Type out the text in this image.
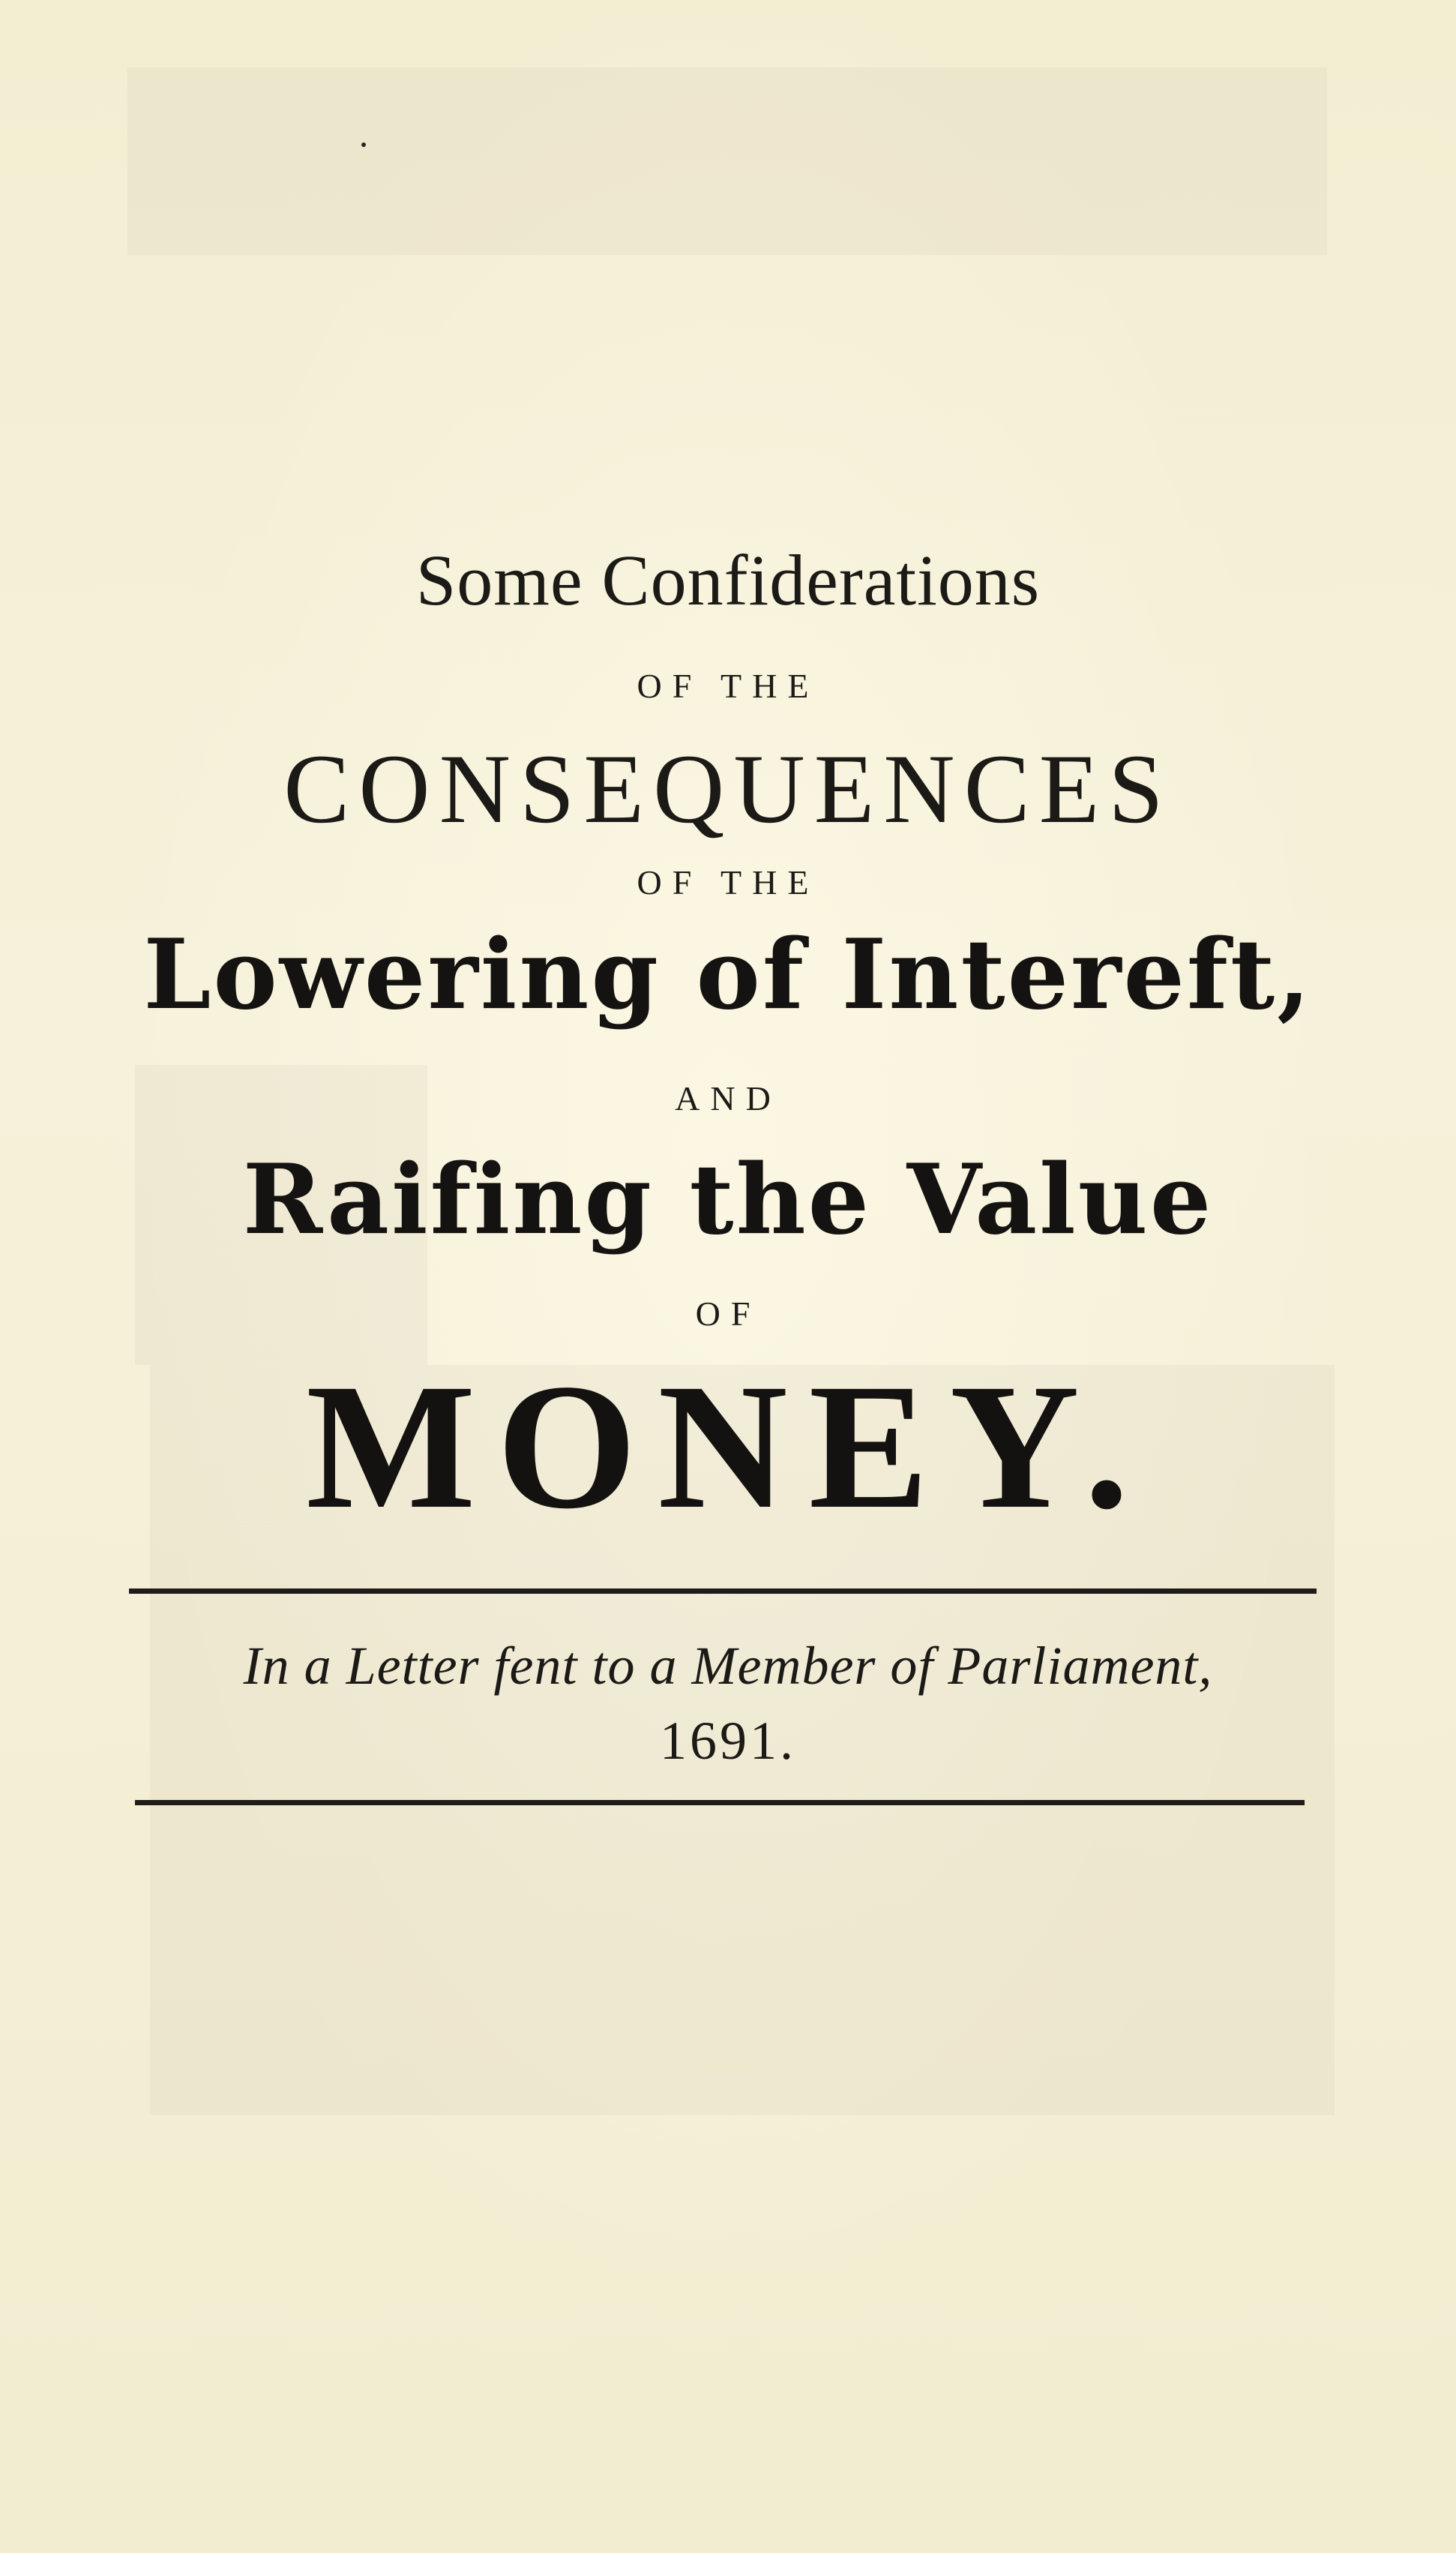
Some Confiderations
OF THE
CONSEQUENCES
OF THE
Lowering of Intereft,
AND
Raifing the Value
OF
MONEY.
In a Letter fent to a Member of Parliament,
1691.
